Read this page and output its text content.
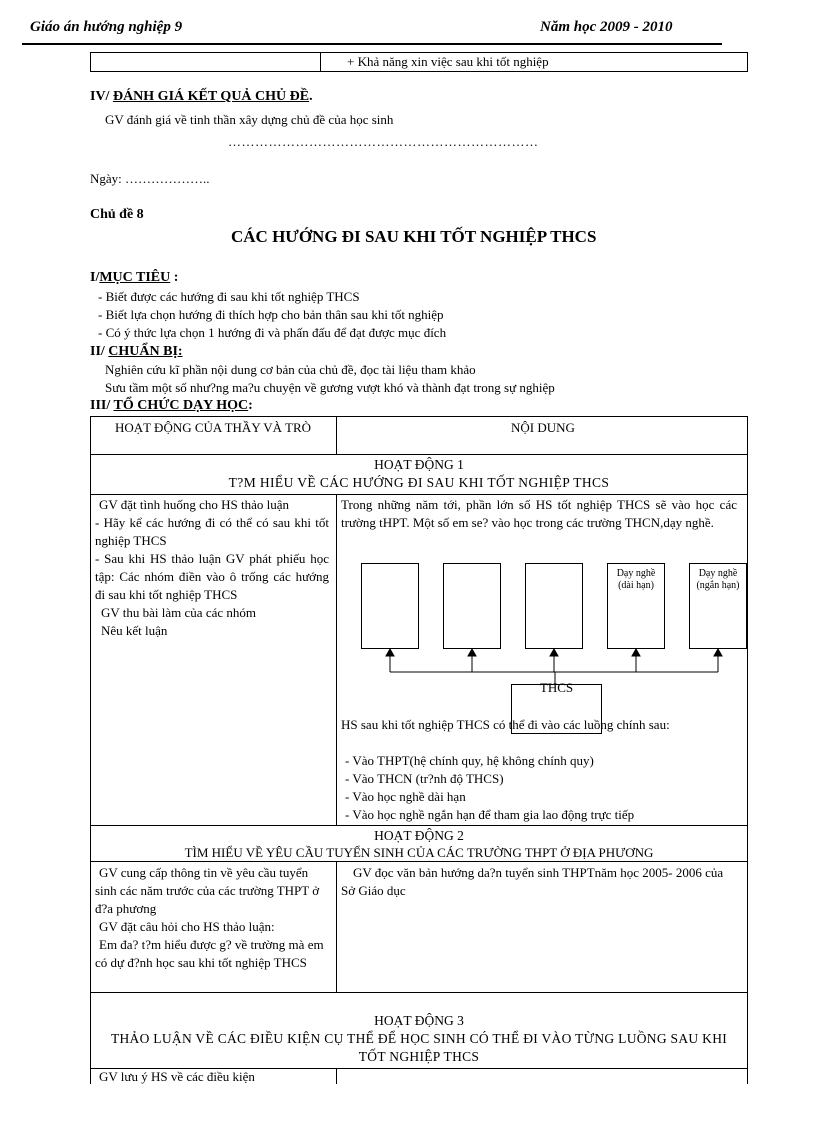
Giáo án hướng nghiệp 9	Năm học 2009 - 2010
+ Khả năng xin việc sau khi tốt nghiệp
IV/ ĐÁNH GIÁ KẾT QUẢ CHỦ ĐỀ.
GV đánh giá về tinh thần xây dựng chủ đề của học sinh
……………………………………………………………
Ngày: ………………..
Chủ đề 8
CÁC HƯỚNG ĐI SAU KHI TỐT NGHIỆP THCS
I/MỤC TIÊU :
- Biết được các hướng đi sau khi tốt nghiệp THCS
- Biết lựa chọn hướng đi thích hợp cho bản thân sau khi tốt nghiệp
- Có ý thức lựa chọn 1 hướng đi và phấn đấu để đạt được mục đích
II/ CHUẨN BỊ:
Nghiên cứu kĩ phần nội dung cơ bản của chủ đề, đọc tài liệu tham khảo
Sưu tầm một số như?ng ma?u chuyện về gương vượt khó và thành đạt trong sự nghiệp
III/ TỔ CHỨC DẠY HỌC:
HOẠT ĐỘNG CỦA THẦY VÀ TRÒ	NỘI DUNG
HOẠT ĐỘNG 1
T?M HIỂU VỀ CÁC HƯỚNG ĐI SAU KHI TỐT NGHIỆP THCS
GV đặt tình huống cho HS thảo luận
- Hãy kể các hướng đi có thể có sau khi tốt nghiệp THCS
- Sau khi HS thảo luận GV phát phiếu học tập: Các nhóm điền vào ô trống các hướng đi sau khi tốt nghiệp THCS
GV thu bài làm của các nhóm
Nêu kết luận
Trong những năm tới, phần lớn số HS tốt nghiệp THCS sẽ vào học các trường tHPT. Một số em se? vào học trong các trường THCN,dạy nghề.
Dạy nghề
(dài hạn)
Dạy nghề
(ngắn hạn)
THCS
HS sau khi tốt nghiệp THCS có thể đi vào các luồng chính sau:
- Vào THPT(hệ chính quy, hệ không chính quy)
- Vào THCN (tr?nh độ THCS)
- Vào học nghề dài hạn
- Vào học nghề ngắn hạn để tham gia lao động trực tiếp
HOẠT ĐỘNG 2
TÌM HIỂU VỀ YÊU CẦU TUYỂN SINH CỦA CÁC TRƯỜNG THPT Ở ĐỊA PHƯƠNG
GV cung cấp thông tin về yêu cầu tuyển sinh các năm trước của các trường THPT ở đ?a phương
GV đặt câu hỏi cho HS thảo luận:
Em đa? t?m hiểu được g? về trường mà em có dự đ?nh học sau khi tốt nghiệp THCS
GV đọc văn bản hướng da?n tuyển sinh THPTnăm học 2005- 2006 của Sở Giáo dục
HOẠT ĐỘNG 3
THẢO LUẬN VỀ CÁC ĐIỀU KIỆN CỤ THỂ ĐỂ HỌC SINH CÓ THỂ ĐI VÀO TỪNG LUỒNG SAU KHI TỐT NGHIỆP THCS
GV lưu ý HS về các điều kiện
